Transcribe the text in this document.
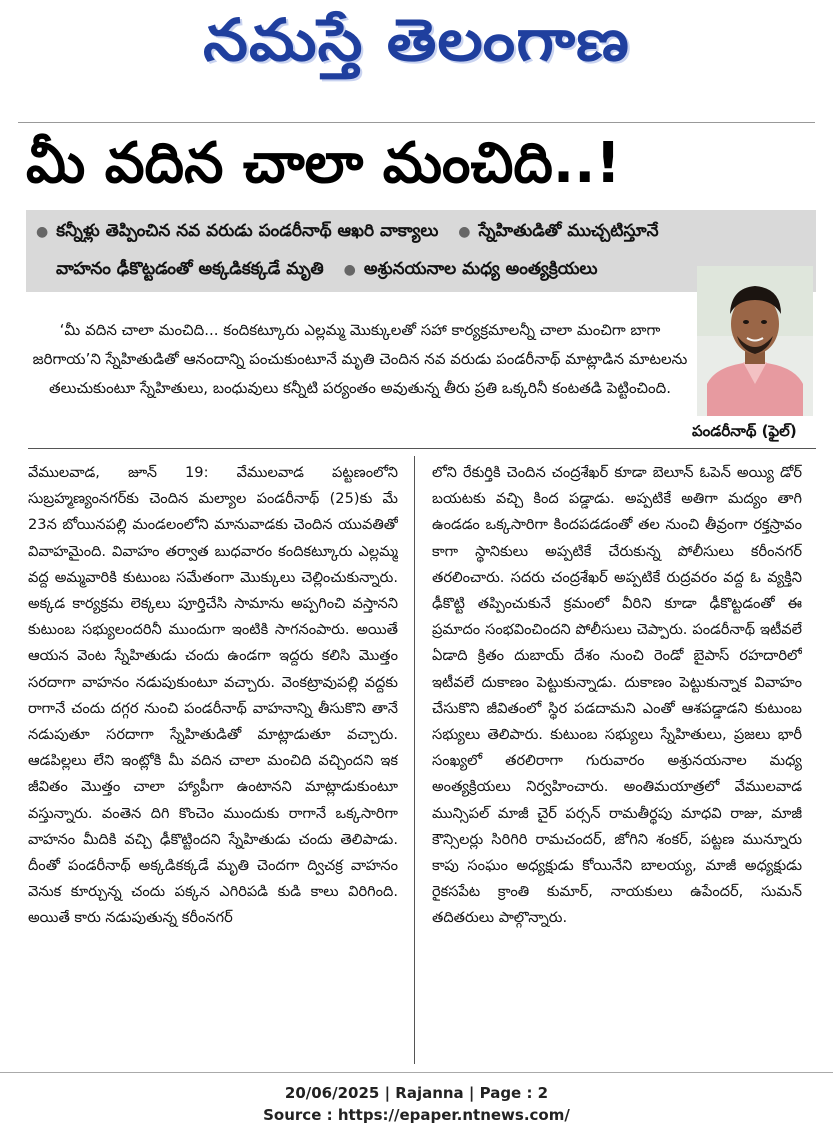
నమస్తే తెలంగాణ
మీ వదిన చాలా మంచిది..!
● కన్నీళ్లు తెప్పించిన నవ వరుడు పండరీనాథ్ ఆఖరి వాక్యాలు ● స్నేహితుడితో ముచ్చటిస్తూనే
వాహనం ఢీకొట్టడంతో అక్కడికక్కడే మృతి ● అశ్రునయనాల మధ్య అంత్యక్రియలు

‘మీ వదిన చాలా మంచిది... కందికట్కూరు ఎల్లమ్మ మొక్కులతో సహా కార్యక్రమాలన్నీ చాలా మంచిగా బాగా జరిగాయ’ని స్నేహితుడితో ఆనందాన్ని పంచుకుంటూనే మృతి చెందిన నవ వరుడు పండరీనాథ్ మాట్లాడిన మాటలను తలుచుకుంటూ స్నేహితులు, బంధువులు కన్నీటి పర్యంతం అవుతున్న తీరు ప్రతి ఒక్కరినీ కంటతడి పెట్టించింది.

పండరీనాథ్ (ఫైల్)

వేములవాడ, జూన్ 19: వేములవాడ పట్టణంలోని సుబ్రహ్మణ్యంనగర్‌కు చెందిన మల్యాల పండరీనాథ్ (25)కు మే 23న బోయినపల్లి మండలంలోని మానువాడకు చెందిన యువతితో వివాహమైంది. వివాహం తర్వాత బుధవారం కందికట్కూరు ఎల్లమ్మ వద్ద అమ్మవారికి కుటుంబ సమేతంగా మొక్కులు చెల్లించుకున్నారు. అక్కడ కార్యక్రమ లెక్కలు పూర్తిచేసి సామాను అప్పగించి వస్తానని కుటుంబ సభ్యులందరినీ ముందుగా ఇంటికి సాగనంపారు. అయితే ఆయన వెంట స్నేహితుడు చందు ఉండగా ఇద్దరు కలిసి మొత్తం సరదాగా వాహనం నడుపుకుంటూ వచ్చారు. వెంకట్రావుపల్లి వద్దకు రాగానే చందు దగ్గర నుంచి పండరీనాథ్ వాహనాన్ని తీసుకొని తానే నడుపుతూ సరదాగా స్నేహితుడితో మాట్లాడుతూ వచ్చారు. ఆడపిల్లలు లేని ఇంట్లోకి మీ వదిన చాలా మంచిది వచ్చిందని ఇక జీవితం మొత్తం చాలా హ్యాపీగా ఉంటానని మాట్లాడుకుంటూ వస్తున్నారు. వంతెన దిగి కొంచెం ముందుకు రాగానే ఒక్కసారిగా వాహనం మీదికి వచ్చి ఢీకొట్టిందని స్నేహితుడు చందు తెలిపాడు. దీంతో పండరీనాథ్ అక్కడికక్కడే మృతి చెందగా ద్విచక్ర వాహనం వెనుక కూర్చున్న చందు పక్కన ఎగిరిపడి కుడి కాలు విరిగింది. అయితే కారు నడుపుతున్న కరీంనగర్

లోని రేకుర్తికి చెందిన చంద్రశేఖర్ కూడా బెలూన్ ఓపెన్ అయ్యి డోర్ బయటకు వచ్చి కింద పడ్డాడు. అప్పటికే అతిగా మద్యం తాగి ఉండడం ఒక్కసారిగా కిందపడడంతో తల నుంచి తీవ్రంగా రక్తస్రావం కాగా స్థానికులు అప్పటికే చేరుకున్న పోలీసులు కరీంనగర్ తరలించారు. సదరు చంద్రశేఖర్ అప్పటికే రుద్రవరం వద్ద ఓ వ్యక్తిని ఢీకొట్టి తప్పించుకునే క్రమంలో వీరిని కూడా ఢీకొట్టడంతో ఈ ప్రమాదం సంభవించిందని పోలీసులు చెప్పారు. పండరీనాథ్ ఇటీవలే ఏడాది క్రితం దుబాయ్ దేశం నుంచి రెండో బైపాస్ రహదారిలో ఇటీవలే దుకాణం పెట్టుకున్నాడు. దుకాణం పెట్టుకున్నాక వివాహం చేసుకొని జీవితంలో స్థిర పడదామని ఎంతో ఆశపడ్డాడని కుటుంబ సభ్యులు తెలిపారు. కుటుంబ సభ్యులు స్నేహితులు, ప్రజలు భారీ సంఖ్యలో తరలిరాగా గురువారం అశ్రునయనాల మధ్య అంత్యక్రియలు నిర్వహించారు. అంతిమయాత్రలో వేములవాడ మున్సిపల్ మాజీ చైర్ పర్సన్ రామతీర్థపు మాధవి రాజు, మాజీ కౌన్సిలర్లు సిరిగిరి రామచందర్, జోగిని శంకర్, పట్టణ మున్నూరు కాపు సంఘం అధ్యక్షుడు కోయినేని బాలయ్య, మాజీ అధ్యక్షుడు రైకసపేట క్రాంతి కుమార్, నాయకులు ఉపేందర్, సుమన్ తదితరులు పాల్గొన్నారు.

20/06/2025 | Rajanna | Page : 2
Source : https://epaper.ntnews.com/
